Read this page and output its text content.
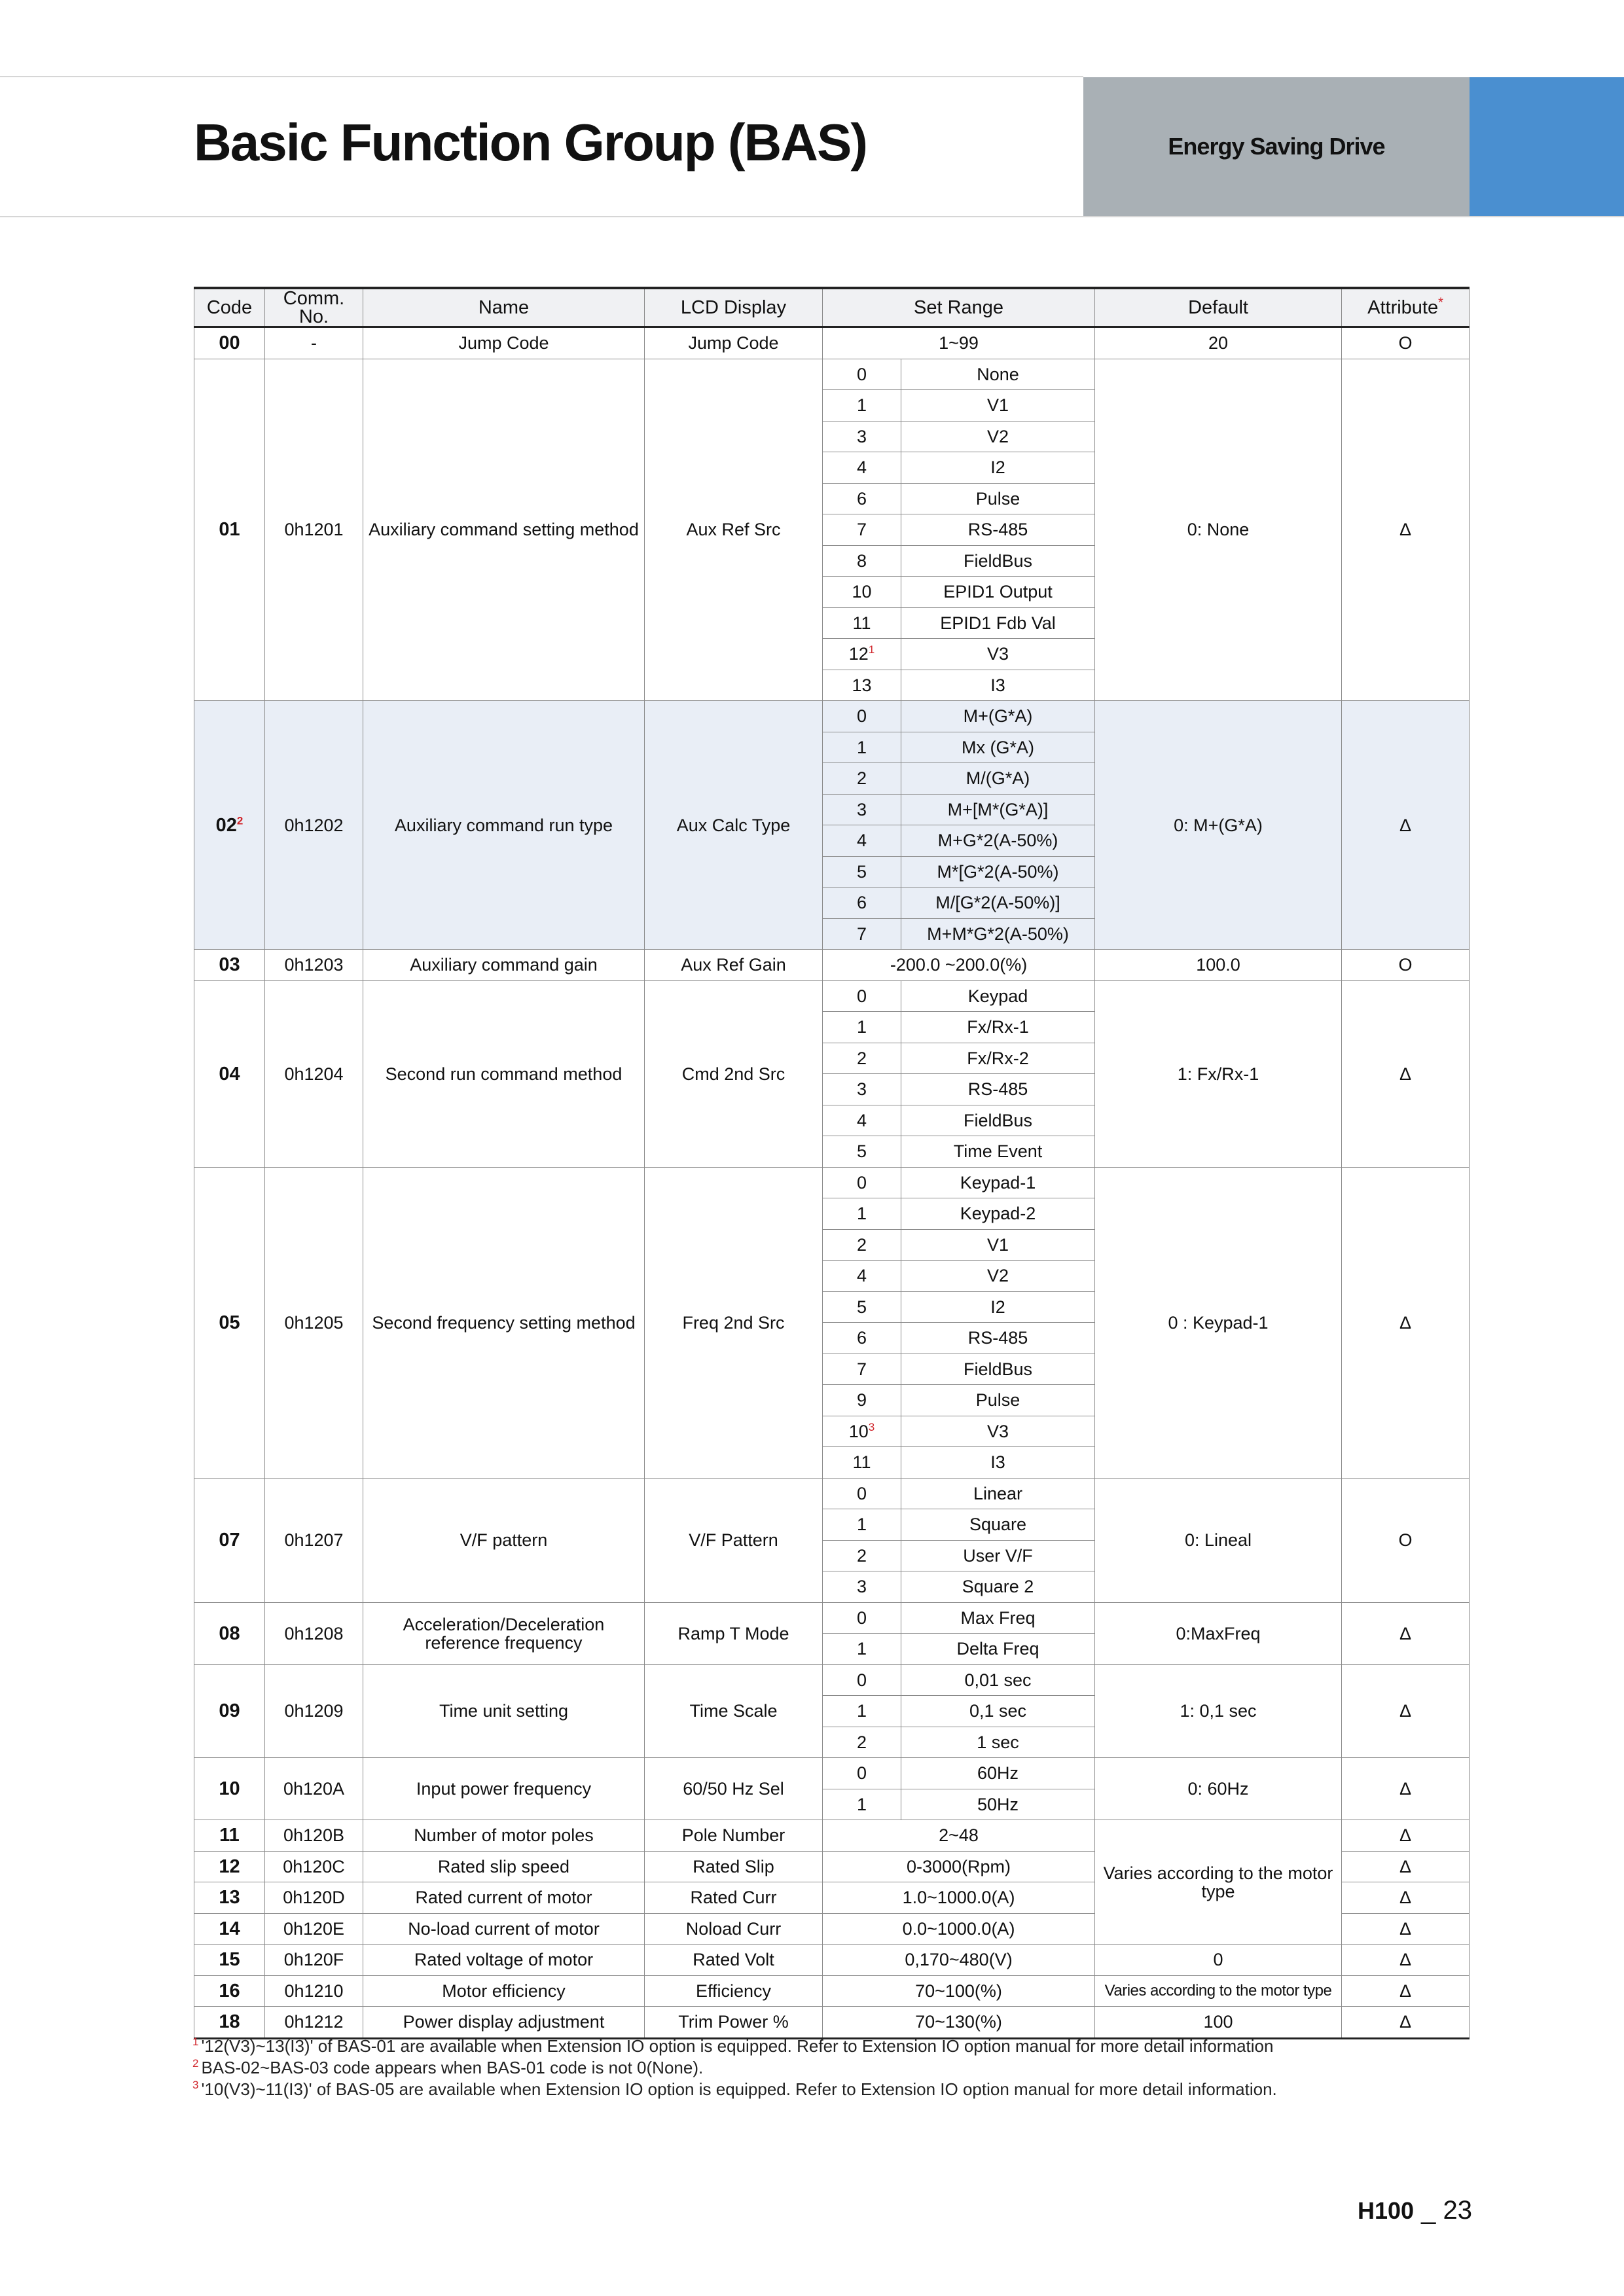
Basic Function Group (BAS)	Energy Saving Drive
Code	Comm. No.	Name	LCD Display	Set Range		Default	Attribute*
00	-	Jump Code	Jump Code	1~99		20	O
01	0h1201	Auxiliary command setting method	Aux Ref Src	0	None	0: None	Δ
				1	V1		
				3	V2		
				4	I2		
				6	Pulse		
				7	RS-485		
				8	FieldBus		
				10	EPID1 Output		
				11	EPID1 Fdb Val		
				12$^1$	V3		
				13	I3		
02$^2$	0h1202	Auxiliary command run type	Aux Calc Type	0	M+(G*A)	0: M+(G*A)	Δ
				1	Mx (G*A)		
				2	M/(G*A)		
				3	M+[M*(G*A)]		
				4	M+G*2(A-50%)		
				5	M*[G*2(A-50%)		
				6	M/[G*2(A-50%)]		
				7	M+M*G*2(A-50%)		
03	0h1203	Auxiliary command gain	Aux Ref Gain	-200.0 ~200.0(%)		100.0	O
04	0h1204	Second run command method	Cmd 2nd Src	0	Keypad	1: Fx/Rx-1	Δ
				1	Fx/Rx-1		
				2	Fx/Rx-2		
				3	RS-485		
				4	FieldBus		
				5	Time Event		
05	0h1205	Second frequency setting method	Freq 2nd Src	0	Keypad-1	0 : Keypad-1	Δ
				1	Keypad-2		
				2	V1		
				4	V2		
				5	I2		
				6	RS-485		
				7	FieldBus		
				9	Pulse		
				10$^3$	V3		
				11	I3		
07	0h1207	V/F pattern	V/F Pattern	0	Linear	0: Lineal	O
				1	Square		
				2	User V/F		
				3	Square 2		
08	0h1208	Acceleration/Deceleration reference frequency	Ramp T Mode	0	Max Freq	0:MaxFreq	Δ
				1	Delta Freq		
09	0h1209	Time unit setting	Time Scale	0	0,01 sec	1: 0,1 sec	Δ
				1	0,1 sec		
				2	1 sec		
10	0h120A	Input power frequency	60/50 Hz Sel	0	60Hz	0: 60Hz	Δ
				1	50Hz		
11	0h120B	Number of motor poles	Pole Number	2~48		Varies according to the motor type	Δ
12	0h120C	Rated slip speed	Rated Slip	0-3000(Rpm)			Δ
13	0h120D	Rated current of motor	Rated Curr	1.0~1000.0(A)			Δ
14	0h120E	No-load current of motor	Noload Curr	0.0~1000.0(A)			Δ
15	0h120F	Rated voltage of motor	Rated Volt	0,170~480(V)		0	Δ
16	0h1210	Motor efficiency	Efficiency	70~100(%)		Varies according to the motor type	Δ
18	0h1212	Power display adjustment	Trim Power %	70~130(%)		100	Δ

$^1$ '12(V3)~13(I3)' of BAS-01 are available when Extension IO option is equipped. Refer to Extension IO option manual for more detail information

$^2$ BAS-02~BAS-03 code appears when BAS-01 code is not 0(None).

$^3$ '10(V3)~11(I3)' of BAS-05 are available when Extension IO option is equipped. Refer to Extension IO option manual for more detail information.

H100 _ 23
